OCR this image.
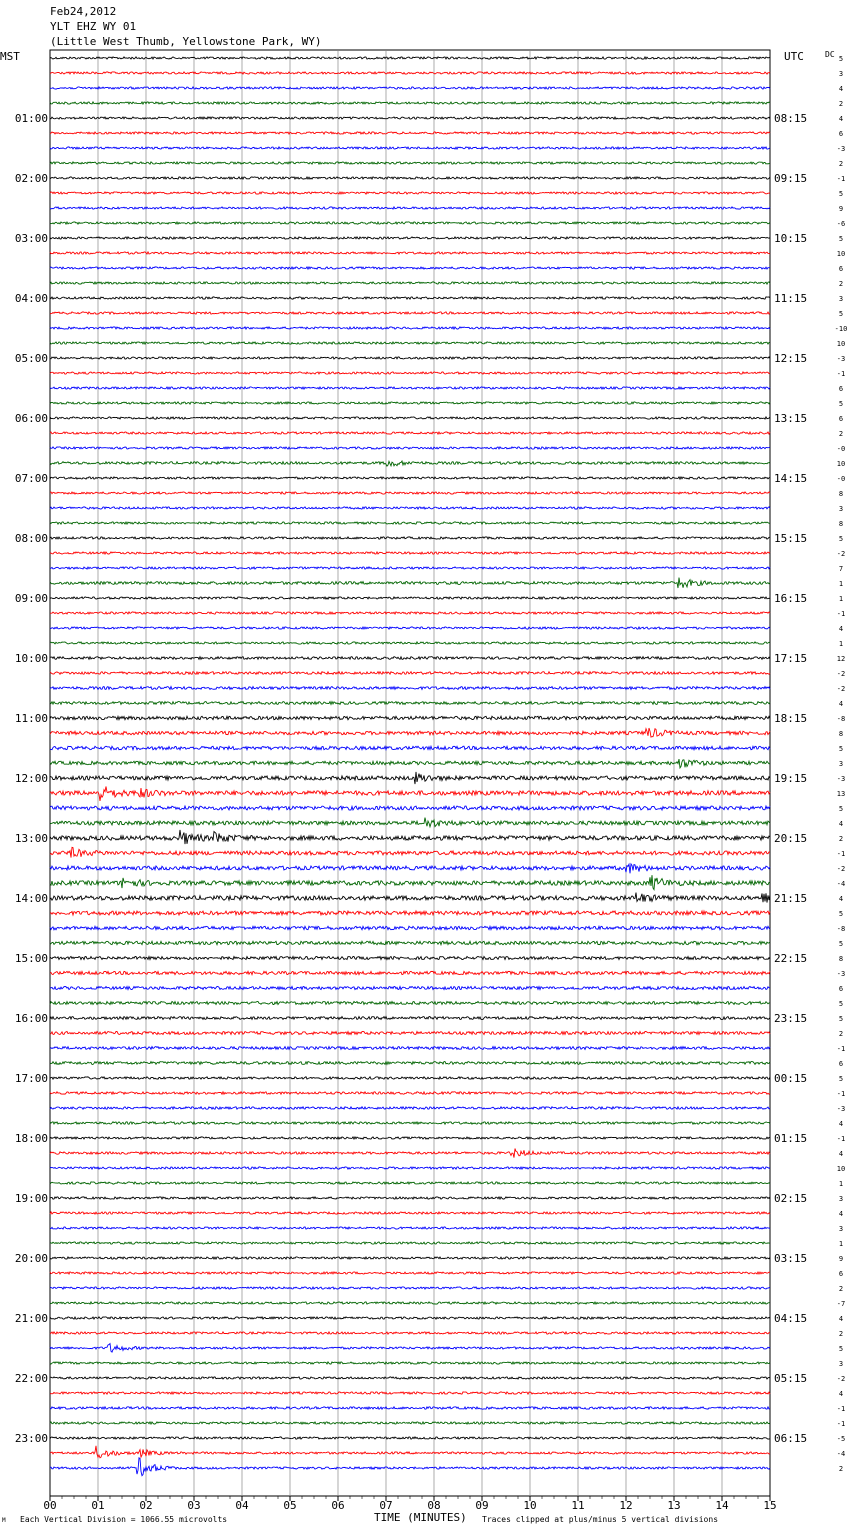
Feb24,2012
YLT EHZ WY 01
(Little West Thumb, Yellowstone Park, WY)
MST	UTC	DC 5
3
4
2
4
6
-3
2
-1
5
9
-6
5
10
6
2
3
5
-10
10
-3
-1
6
5
6
2
-0
10
-0
8
3
8
5
-2
7
1
1
-1
4
1
12
-2
-2
4
-8
8
5
3
-3
13
5
4
2
-1
-2
-4
4
5
-8
5
8
-3
6
5
5
2
-1
6
5
-1
-3
4
-1
4
10
1
3
4
3
1
9
6
2
-7
4
2
5
3
-2
4
-1
-1
-5
-4
2
01:00
02:00
03:00
04:00
05:00
06:00
07:00
08:00
09:00
10:00
11:00
12:00
13:00
14:00
15:00
16:00
17:00
18:00
19:00
20:00
21:00
22:00
23:00
08:15
09:15
10:15
11:15
12:15
13:15
14:15
15:15
16:15
17:15
18:15
19:15
20:15
21:15
22:15
23:15
00:15
01:15
02:15
03:15
04:15
05:15
06:15
00	01	02	03	04	05	06	07	08	09	10	11	12	13	14	15
M Each Vertical Division = 1066.55 microvolts	TIME (MINUTES) Traces clipped at plus/minus 5 vertical divisions
